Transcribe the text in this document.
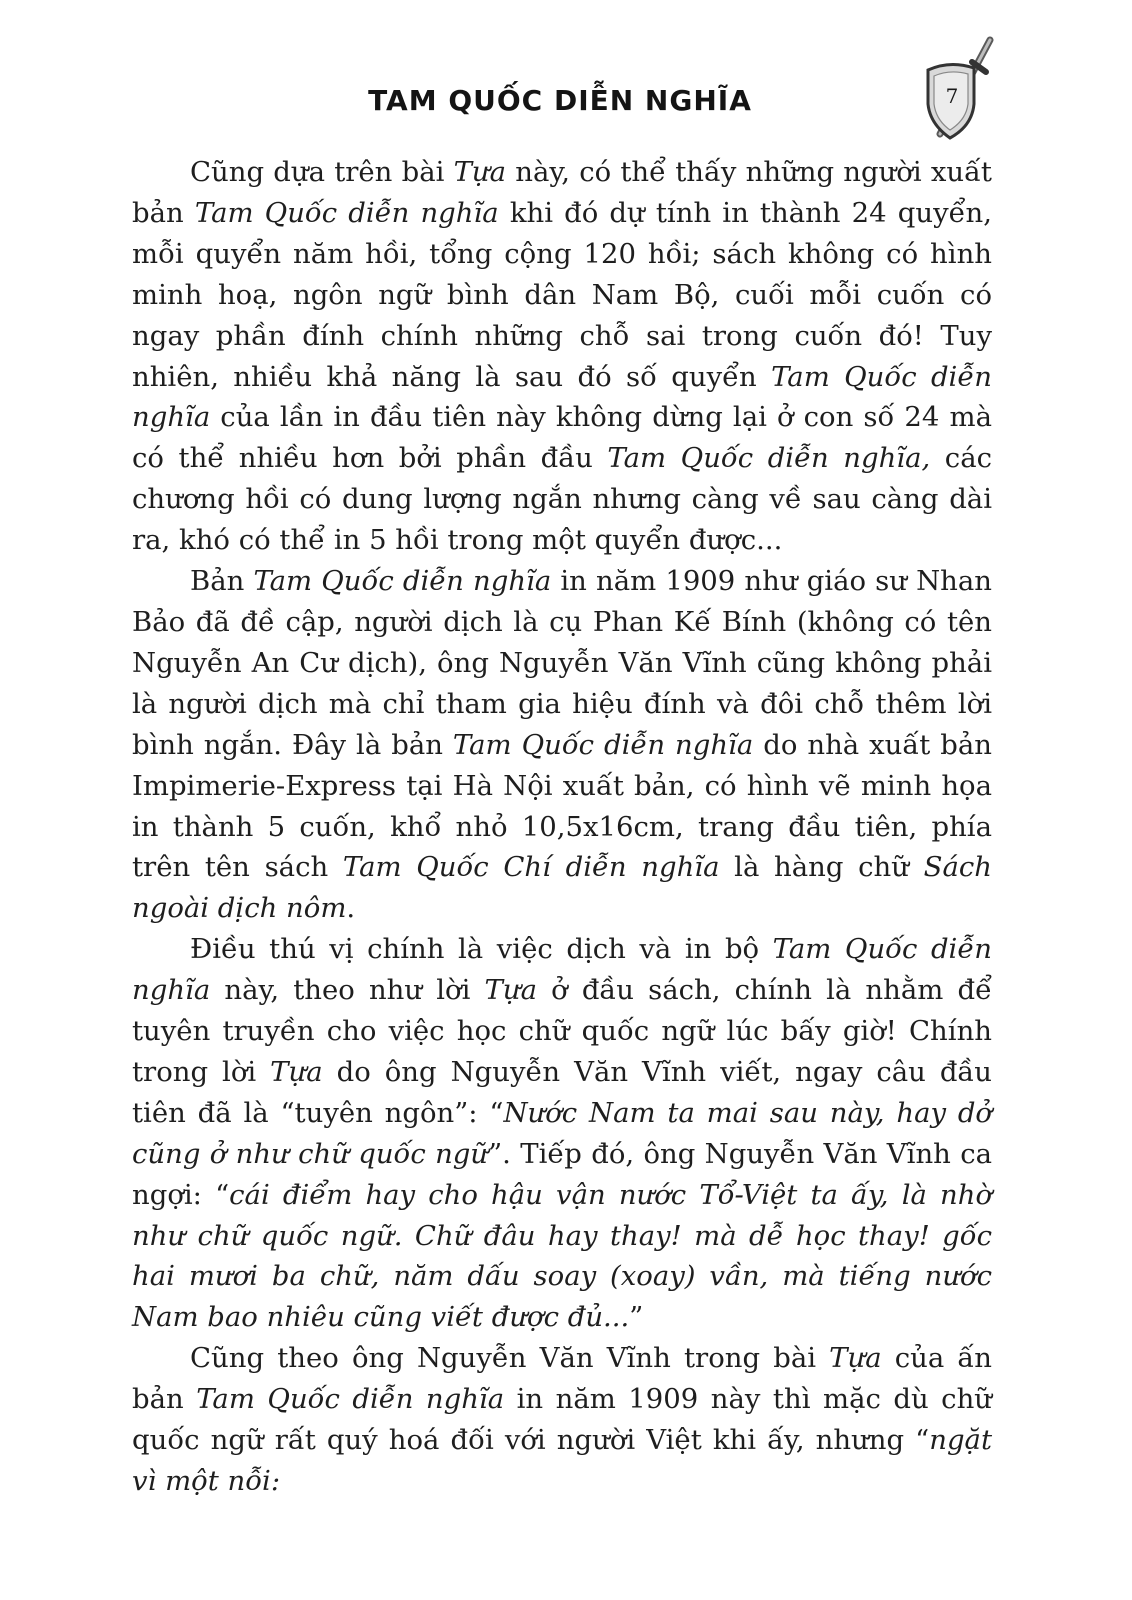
TAM QUỐC DIỄN NGHĨA	7

Cũng dựa trên bài Tựa này, có thể thấy những người xuất bản Tam Quốc diễn nghĩa khi đó dự tính in thành 24 quyển, mỗi quyển năm hồi, tổng cộng 120 hồi; sách không có hình minh hoạ, ngôn ngữ bình dân Nam Bộ, cuối mỗi cuốn có ngay phần đính chính những chỗ sai trong cuốn đó! Tuy nhiên, nhiều khả năng là sau đó số quyển Tam Quốc diễn nghĩa của lần in đầu tiên này không dừng lại ở con số 24 mà có thể nhiều hơn bởi phần đầu Tam Quốc diễn nghĩa, các chương hồi có dung lượng ngắn nhưng càng về sau càng dài ra, khó có thể in 5 hồi trong một quyển được...

Bản Tam Quốc diễn nghĩa in năm 1909 như giáo sư Nhan Bảo đã đề cập, người dịch là cụ Phan Kế Bính (không có tên Nguyễn An Cư dịch), ông Nguyễn Văn Vĩnh cũng không phải là người dịch mà chỉ tham gia hiệu đính và đôi chỗ thêm lời bình ngắn. Đây là bản Tam Quốc diễn nghĩa do nhà xuất bản Impimerie-Express tại Hà Nội xuất bản, có hình vẽ minh họa in thành 5 cuốn, khổ nhỏ 10,5x16cm, trang đầu tiên, phía trên tên sách Tam Quốc Chí diễn nghĩa là hàng chữ Sách ngoài dịch nôm.

Điều thú vị chính là việc dịch và in bộ Tam Quốc diễn nghĩa này, theo như lời Tựa ở đầu sách, chính là nhằm để tuyên truyền cho việc học chữ quốc ngữ lúc bấy giờ! Chính trong lời Tựa do ông Nguyễn Văn Vĩnh viết, ngay câu đầu tiên đã là “tuyên ngôn”: “Nước Nam ta mai sau này, hay dở cũng ở như chữ quốc ngữ”. Tiếp đó, ông Nguyễn Văn Vĩnh ca ngợi: “cái điểm hay cho hậu vận nước Tổ-Việt ta ấy, là nhờ như chữ quốc ngữ. Chữ đâu hay thay! mà dễ học thay! gốc hai mươi ba chữ, năm dấu soay (xoay) vần, mà tiếng nước Nam bao nhiêu cũng viết được đủ...”

Cũng theo ông Nguyễn Văn Vĩnh trong bài Tựa của ấn bản Tam Quốc diễn nghĩa in năm 1909 này thì mặc dù chữ quốc ngữ rất quý hoá đối với người Việt khi ấy, nhưng “ngặt vì một nỗi:
